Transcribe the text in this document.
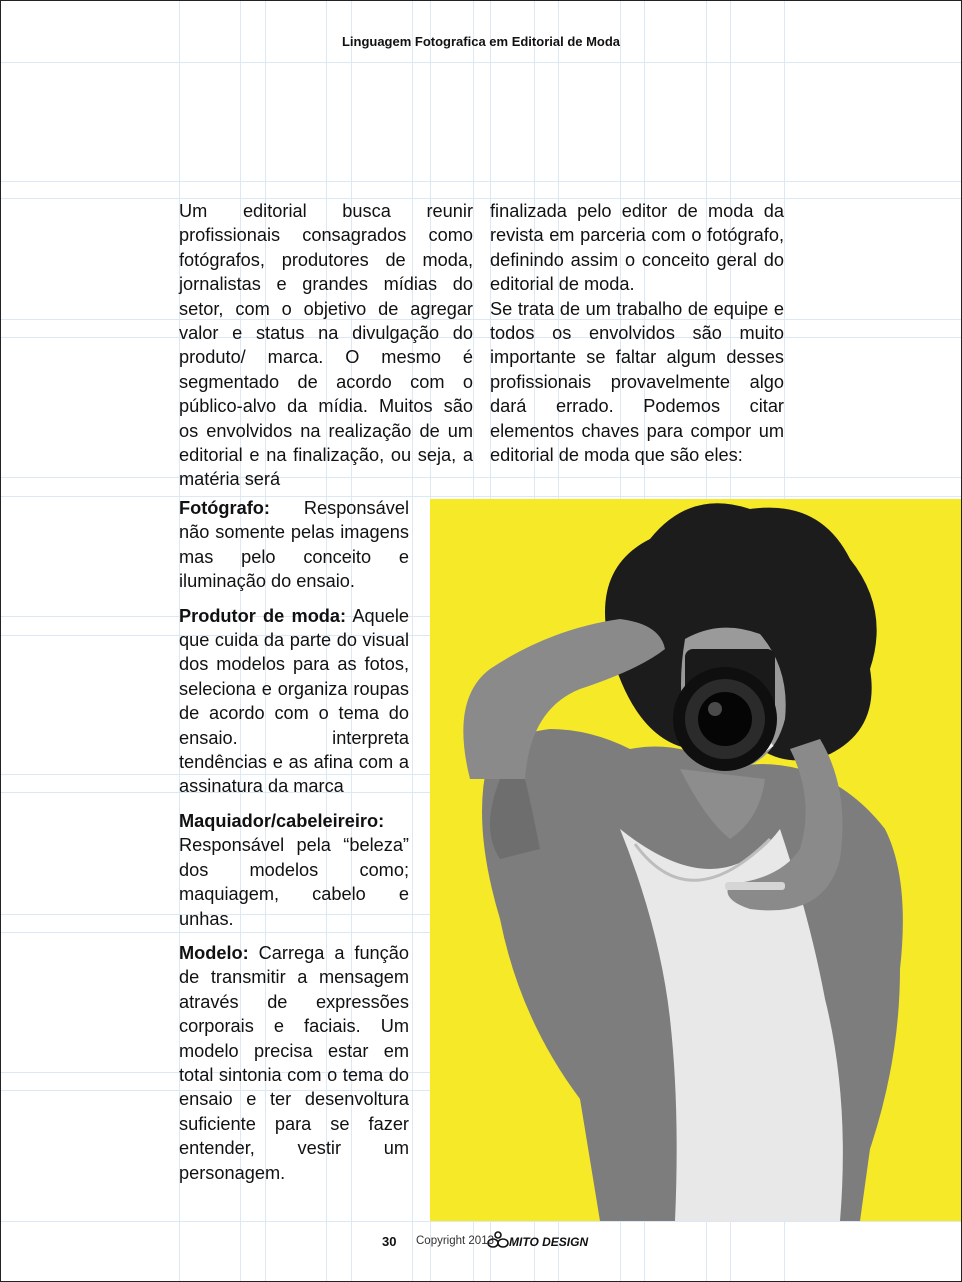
Linguagem Fotografica em Editorial de Moda

Um editorial busca reunir profissionais consagrados como fotógrafos, produtores de moda, jornalistas e grandes mídias do setor, com o objetivo de agregar valor e status na divulgação do produto/ marca. O mesmo é segmentado de acordo com o público-alvo da mídia. Muitos são os envolvidos na realização de um editorial e na finalização, ou seja, a matéria será

finalizada pelo editor de moda da revista em parceria com o fotógrafo, definindo assim o conceito geral do editorial de moda.

Se trata de um trabalho de equipe e todos os envolvidos são muito importante se faltar algum desses profissionais provavelmente algo dará errado. Podemos citar elementos chaves para compor um editorial de moda que são eles:

Fotógrafo: Responsável não somente pelas imagens mas pelo conceito e iluminação do ensaio.

Produtor de moda: Aquele que cuida da parte do visual dos modelos para as fotos, seleciona e organiza roupas de acordo com o tema do ensaio. interpreta tendências e as afina com a assinatura da marca

Maquiador/cabeleireiro: Responsável pela “beleza” dos modelos como; maquiagem, cabelo e unhas.

Modelo: Carrega a função de transmitir a mensagem através de expressões corporais e faciais. Um modelo precisa estar em total sintonia com o tema do ensaio e ter desenvoltura suficiente para se fazer entender, vestir um personagem.

30 Copyright 2013 MITO DESIGN
